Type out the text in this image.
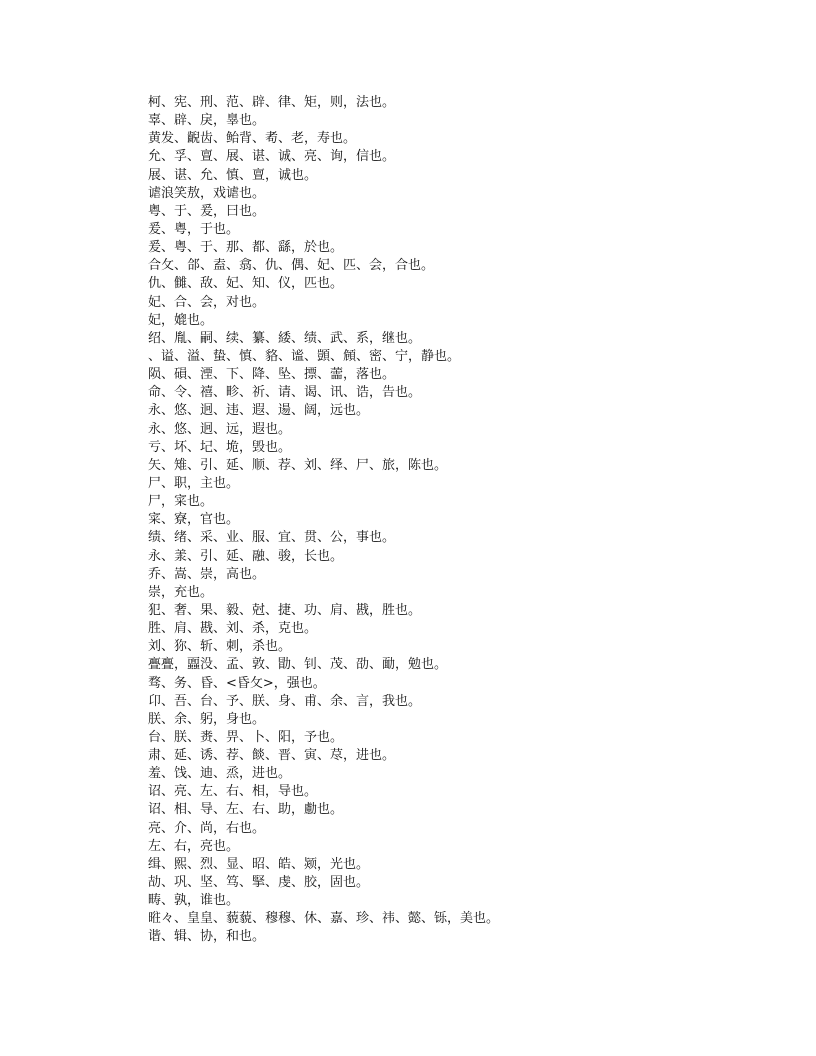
柯、宪、刑、范、辟、律、矩，则，法也。
辜、辟、戾，辠也。
黄发、齯齿、鲐背、耇、老，寿也。
允、孚、亶、展、谌、诚、亮、询，信也。
展、谌、允、慎、亶，诚也。
谑浪笑敖，戏谑也。
粤、于、爰，曰也。
爰、粤，于也。
爰、粤、于、那、都、繇，於也。
合攵、郃、盍、翕、仇、偶、妃、匹、会，合也。
仇、雠、敌、妃、知、仪，匹也。
妃、合、会，对也。
妃，媲也。
绍、胤、嗣、续、纂、緌、绩、武、系，继也。
、谥、溢、蛰、慎、貉、谧、顗、頠、密、宁，静也。
陨、磒、湮、下、降、坠、摽、蘦，落也。
命、令、禧、畛、祈、请、谒、讯、诰，告也。
永、悠、迥、违、遐、逿、阔，远也。
永、悠、迥、远，遐也。
亏、坏、圮、垝，毁也。
矢、雉、引、延、顺、荐、刘、绎、尸、旅，陈也。
尸、职，主也。
尸，寀也。
寀、寮，官也。
绩、绪、采、业、服、宜、贯、公，事也。
永、羕、引、延、融、骏，长也。
乔、嵩、崇，高也。
崇，充也。
犯、奢、果、毅、尅、捷、功、肩、戡，胜也。
胜、肩、戡、刘、杀，克也。
刘、狝、斩、刺，杀也。
亹亹，蠠没、孟、敦、勖、钊、茂、劭、勔，勉也。
骛、务、昏、<昏攵>，强也。
卬、吾、台、予、朕、身、甫、余、言，我也。
朕、余、躬，身也。
台、朕、赉、畀、卜、阳，予也。
肃、延、诱、荐、餤、晋、寅、荩，进也。
羞、饯、迪、烝，进也。
诏、亮、左、右、相，导也。
诏、相、导、左、右、助，勴也。
亮、介、尚，右也。
左、右，亮也。
缉、熙、烈、显、昭、皓、颎，光也。
劼、巩、坚、笃、掔、虔、胶，固也。
畴、孰，谁也。
暀々、皇皇、藐藐、穆穆、休、嘉、珍、祎、懿、铄，美也。
谐、辑、协，和也。
